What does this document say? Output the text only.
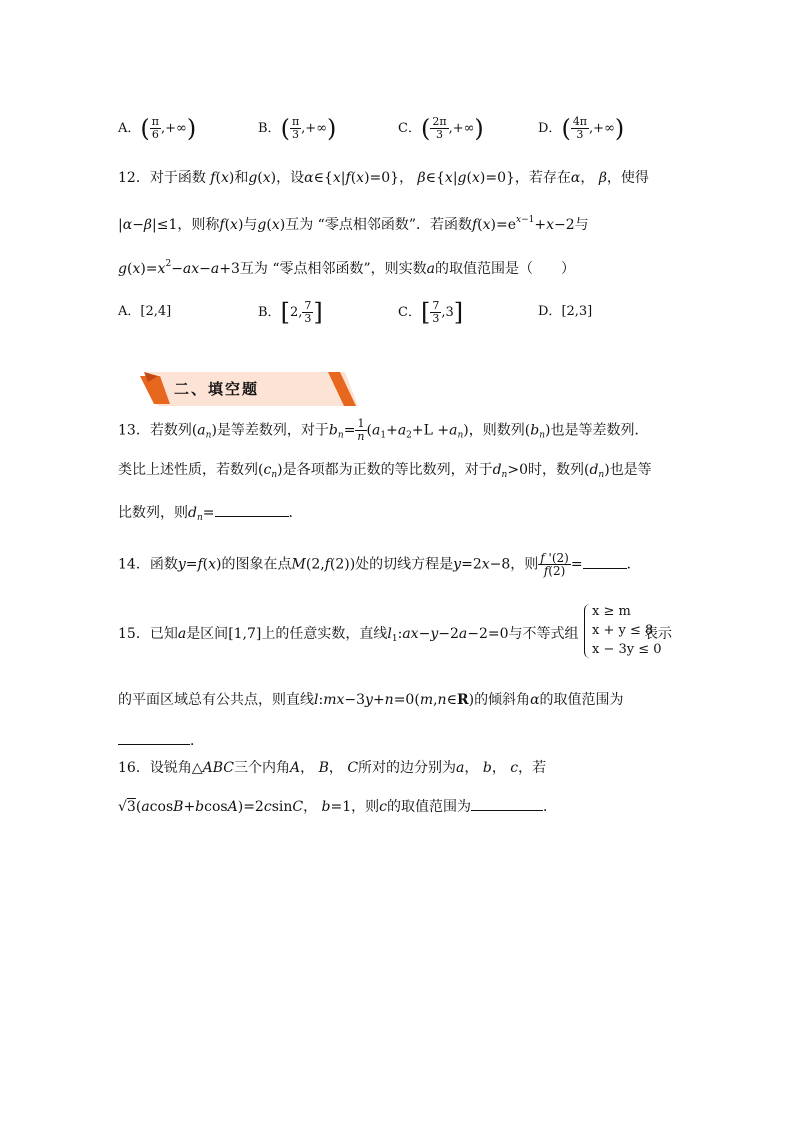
A．( $\frac{\pi}{6}$ ,+∞)	B．( $\frac{\pi}{3}$ ,+∞)	C．( $\frac{2\pi}{3}$ ,+∞)	D．( $\frac{4\pi}{3}$ ,+∞)
12．对于函数 f(x)和g(x)，设α∈{x|f(x)=0}， β∈{x|g(x)=0}，若存在α， β，使得
|α−β|≤1，则称f(x)与g(x)互为 “零点相邻函数”．若函数$f(x)=e^{x-1}+x-2$与
$g(x)=x^2-ax-a+3$互为 “零点相邻函数”，则实数a的取值范围是（　　）
A．[2,4]	B．[2, $\frac{7}{3}$ ]	C．[ $\frac{7}{3} ,3$]	D．[2,3]
二、填空题
13．若数列$(a_n)$是等差数列，对于$b_n= \frac{1}{n} (a_1+a_2+L +a_n)$，则数列$(b_n)$也是等差数列．
类比上述性质，若数列$(c_n)$是各项都为正数的等比数列，对于$d_n>0$时，数列$(d_n)$也是等
比数列，则$d_n=$	．
14．函数y=f(x)的图象在点M(2,f(2))处的切线方程是y=2x−8，则 $\frac{f '(2)}{f(2)}$ =	．
15．已知a是区间[1,7]上的任意实数，直线$l_1:ax-y-2a-2=0$与不等式组
x ≥ m
x + y ≤ 8
x − 3y ≤ 0
表示
的平面区域总有公共点，则直线l:mx−3y+n=0(m,n∈R)的倾斜角α的取值范围为
．
16．设锐角△ABC三个内角A， B， C所对的边分别为a， b， c，若
√3(acosB+bcosA)=2csinC， b=1，则c的取值范围为	．
